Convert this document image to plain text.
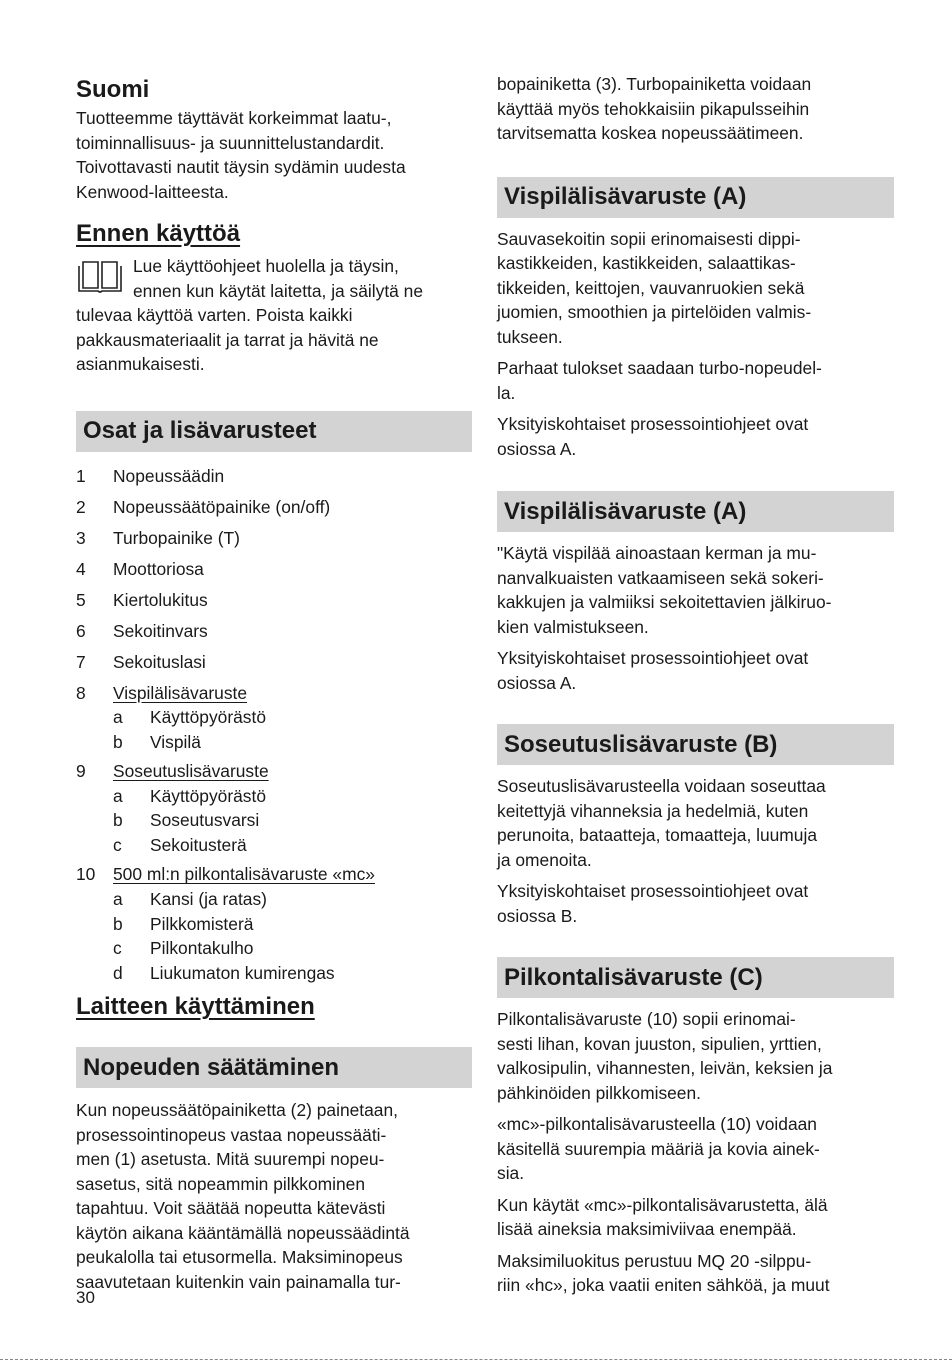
Suomi

Tuotteemme täyttävät korkeimmat laatu-,
toiminnallisuus- ja suunnittelustandardit.
Toivottavasti nautit täysin sydämin uudesta
Kenwood-laitteesta.

Ennen käyttöä

Lue käyttöohjeet huolella ja täysin,
ennen kun käytät laitetta, ja säilytä ne

tulevaa käyttöä varten. Poista kaikki
pakkausmateriaalit ja tarrat ja hävitä ne
asianmukaisesti.

Osat ja lisävarusteet
1	Nopeussäädin
2	Nopeussäätöpainike (on/off)
3	Turbopainike (T)
4	Moottoriosa
5	Kiertolukitus
6	Sekoitinvars
7	Sekoituslasi
8	Vispilälisävaruste
a	Käyttöpyörästö
b	Vispilä
9	Soseutuslisävaruste
a	Käyttöpyörästö
b	Soseutusvarsi
c	Sekoitusterä
10	500 ml:n pilkontalisävaruste «mc»
a	Kansi (ja ratas)
b	Pilkkomisterä
c	Pilkontakulho
d	Liukumaton kumirengas
Laitteen käyttäminen
Nopeuden säätäminen

Kun nopeussäätöpainiketta (2) painetaan,
prosessointinopeus vastaa nopeussääti-
men (1) asetusta. Mitä suurempi nopeu-
sasetus, sitä nopeammin pilkkominen
tapahtuu. Voit säätää nopeutta kätevästi
käytön aikana kääntämällä nopeussäädintä
peukalolla tai etusormella. Maksiminopeus
saavutetaan kuitenkin vain painamalla tur-

bopainiketta (3). Turbopainiketta voidaan
käyttää myös tehokkaisiin pikapulsseihin
tarvitsematta koskea nopeussäätimeen.

Vispilälisävaruste (A)

Sauvasekoitin sopii erinomaisesti dippi-
kastikkeiden, kastikkeiden, salaattikas-
tikkeiden, keittojen, vauvanruokien sekä
juomien, smoothien ja pirtelöiden valmis-
tukseen.

Parhaat tulokset saadaan turbo-nopeudel-
la.

Yksityiskohtaiset prosessointiohjeet ovat
osiossa A.

Vispilälisävaruste (A)

"Käytä vispilää ainoastaan kerman ja mu-
nanvalkuaisten vatkaamiseen sekä sokeri-
kakkujen ja valmiiksi sekoitettavien jälkiruo-
kien valmistukseen.

Yksityiskohtaiset prosessointiohjeet ovat
osiossa A.

Soseutuslisävaruste (B)

Soseutuslisävarusteella voidaan soseuttaa
keitettyjä vihanneksia ja hedelmiä, kuten
perunoita, bataatteja, tomaatteja, luumuja
ja omenoita.

Yksityiskohtaiset prosessointiohjeet ovat
osiossa B.

Pilkontalisävaruste (C)

Pilkontalisävaruste (10) sopii erinomai-
sesti lihan, kovan juuston, sipulien, yrttien,
valkosipulin, vihannesten, leivän, keksien ja
pähkinöiden pilkkomiseen.

«mc»-pilkontalisävarusteella (10) voidaan
käsitellä suurempia määriä ja kovia ainek-
sia.

Kun käytät «mc»-pilkontalisävarustetta, älä
lisää aineksia maksimiviivaa enempää.

Maksimiluokitus perustuu MQ 20 -silppu-
riin «hc», joka vaatii eniten sähköä, ja muut

30
